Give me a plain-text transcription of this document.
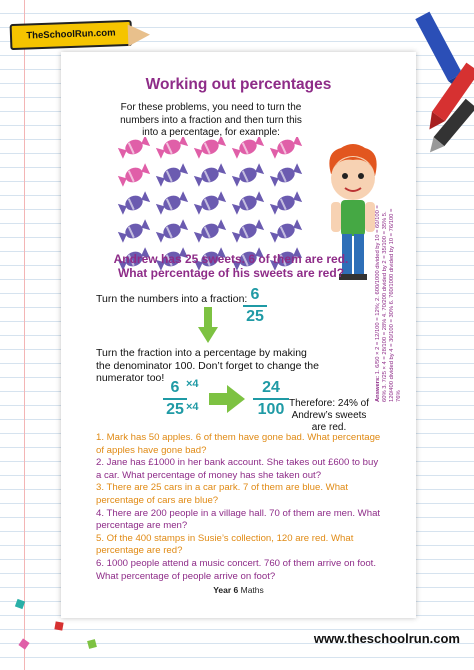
TheSchoolRun.com
Working out percentages
For these problems, you need to turn the numbers into a fraction and then turn this into a percentage, for example:
Andrew has 25 sweets. 6 of them are red.
What percentage of his sweets are red?
Turn the numbers into a fraction: 6
25
Turn the fraction into a percentage by making the denominator 100. Don’t forget to change the numerator too!
6
25
×4
×4
24
100 Therefore: 24% of Andrew’s sweets are red.

1. Mark has 50 apples. 6 of them have gone bad. What percentage of apples have gone bad?

2. Jane has £1000 in her bank account. She takes out £600 to buy a car. What percentage of money has she taken out?

3. There are 25 cars in a car park. 7 of them are blue. What percentage of cars are blue?

4. There are 200 people in a village hall. 70 of them are men. What percentage are men?

5. Of the 400 stamps in Susie’s collection, 120 are red. What percentage are red?

6. 1000 people attend a music concert. 760 of them arrive on foot. What percentage of people arrive on foot?

Answers: 1. 6/50 × 2 = 12/100 = 12%; 2. 600/1000 divided by 10 = 60/100 = 60% 3. 7/25 × 4 = 28/100 = 28% 4. 70/200 divided by 2 = 35/100 = 35% 5. 120/400 divided by 4 = 30/100 = 30% 6. 760/1000 divided by 10 = 76/100 = 76%
Year 6 Maths
www.theschoolrun.com
